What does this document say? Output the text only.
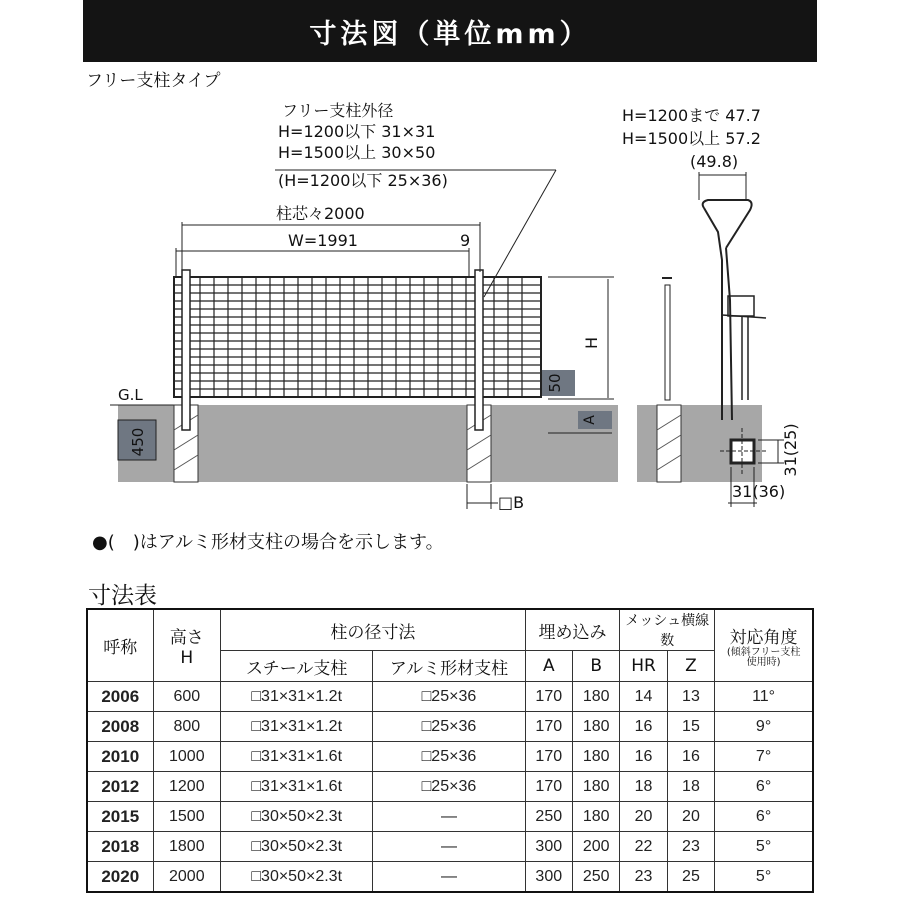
寸法図（単位mm）
フリー支柱タイプ
450
G.L
柱芯々2000
W=1991	9
フリー支柱外径
H=1200以下 31×31
H=1500以上 30×50
(H=1200以下 25×36)
H
50
A
□B
H=1200まで 47.7
H=1500以上 57.2
(49.8)
31(25)
31(36)
●(　)はアルミ形材支柱の場合を示します。
寸法表
呼称	高さ
H	柱の径寸法		埋め込み		メッシュ横線数		対応角度
(傾斜フリー支柱
使用時)

		スチール支柱	アルミ形材支柱	A	B	HR	Z	
2006	600	□31×31×1.2t	□25×36	170	180	14	13	11°
2008	800	□31×31×1.2t	□25×36	170	180	16	15	9°
2010	1000	□31×31×1.6t	□25×36	170	180	16	16	7°
2012	1200	□31×31×1.6t	□25×36	170	180	18	18	6°
2015	1500	□30×50×2.3t	—	250	180	20	20	6°
2018	1800	□30×50×2.3t	—	300	200	22	23	5°
2020	2000	□30×50×2.3t	—	300	250	23	25	5°
